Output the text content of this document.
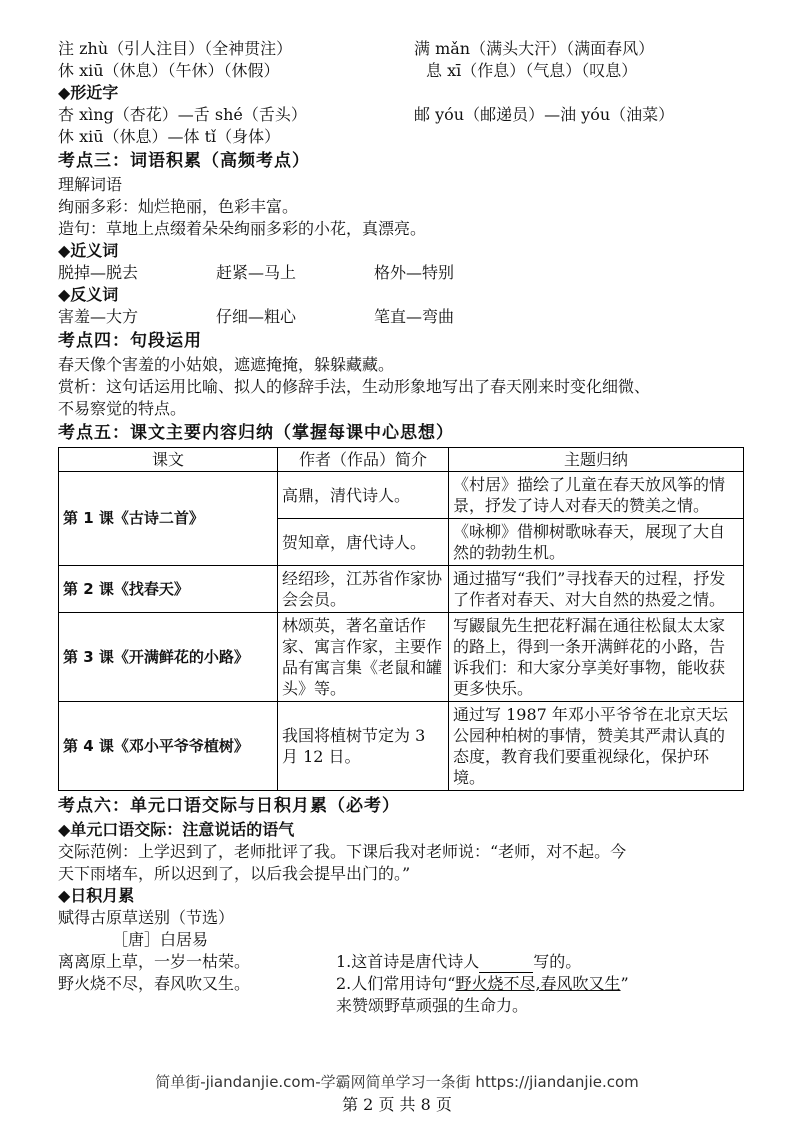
注 zhù（引人注目）（全神贯注）	满 mǎn（满头大汗）（满面春风）
休 xiū（休息）（午休）（休假）	息 xī（作息）（气息）（叹息）
◆形近字
杏 xìng（杏花）—舌 shé（舌头）	邮 yóu（邮递员）—油 yóu（油菜）
休 xiū（休息）—体 tǐ（身体）
考点三：词语积累（高频考点）
理解词语
绚丽多彩：灿烂艳丽，色彩丰富。
造句：草地上点缀着朵朵绚丽多彩的小花，真漂亮。
◆近义词
脱掉—脱去	赶紧—马上	格外—特别
◆反义词
害羞—大方	仔细—粗心	笔直—弯曲
考点四：句段运用
春天像个害羞的小姑娘，遮遮掩掩，躲躲藏藏。
赏析：这句话运用比喻、拟人的修辞手法，生动形象地写出了春天刚来时变化细微、
不易察觉的特点。
考点五：课文主要内容归纳（掌握每课中心思想）
课文	作者（作品）简介	主题归纳
第 1 课《古诗二首》	高鼎，清代诗人。	《村居》描绘了儿童在春天放风筝的情景，抒发了诗人对春天的赞美之情。
	贺知章，唐代诗人。	《咏柳》借柳树歌咏春天，展现了大自然的勃勃生机。
第 2 课《找春天》	经绍珍，江苏省作家协会会员。	通过描写“我们”寻找春天的过程，抒发了作者对春天、对大自然的热爱之情。
第 3 课《开满鲜花的小路》	林颂英，著名童话作家、寓言作家，主要作品有寓言集《老鼠和罐头》等。	写鼹鼠先生把花籽漏在通往松鼠太太家的路上，得到一条开满鲜花的小路，告诉我们：和大家分享美好事物，能收获更多快乐。
第 4 课《邓小平爷爷植树》	我国将植树节定为 3 月 12 日。	通过写 1987 年邓小平爷爷在北京天坛公园种柏树的事情，赞美其严肃认真的态度，教育我们要重视绿化，保护环境。
考点六：单元口语交际与日积月累（必考）
◆单元口语交际：注意说话的语气
交际范例：上学迟到了，老师批评了我。下课后我对老师说：“老师，对不起。今
天下雨堵车，所以迟到了，以后我会提早出门的。”
◆日积月累
赋得古原草送别（节选）
［唐］白居易
离离原上草，一岁一枯荣。	1.这首诗是唐代诗人	写的。
野火烧不尽，春风吹又生。	2.人们常用诗句“野火烧不尽,春风吹又生”
来赞颂野草顽强的生命力。
简单街-jiandanjie.com-学霸网简单学习一条街 https://jiandanjie.com
第 2 页 共 8 页
